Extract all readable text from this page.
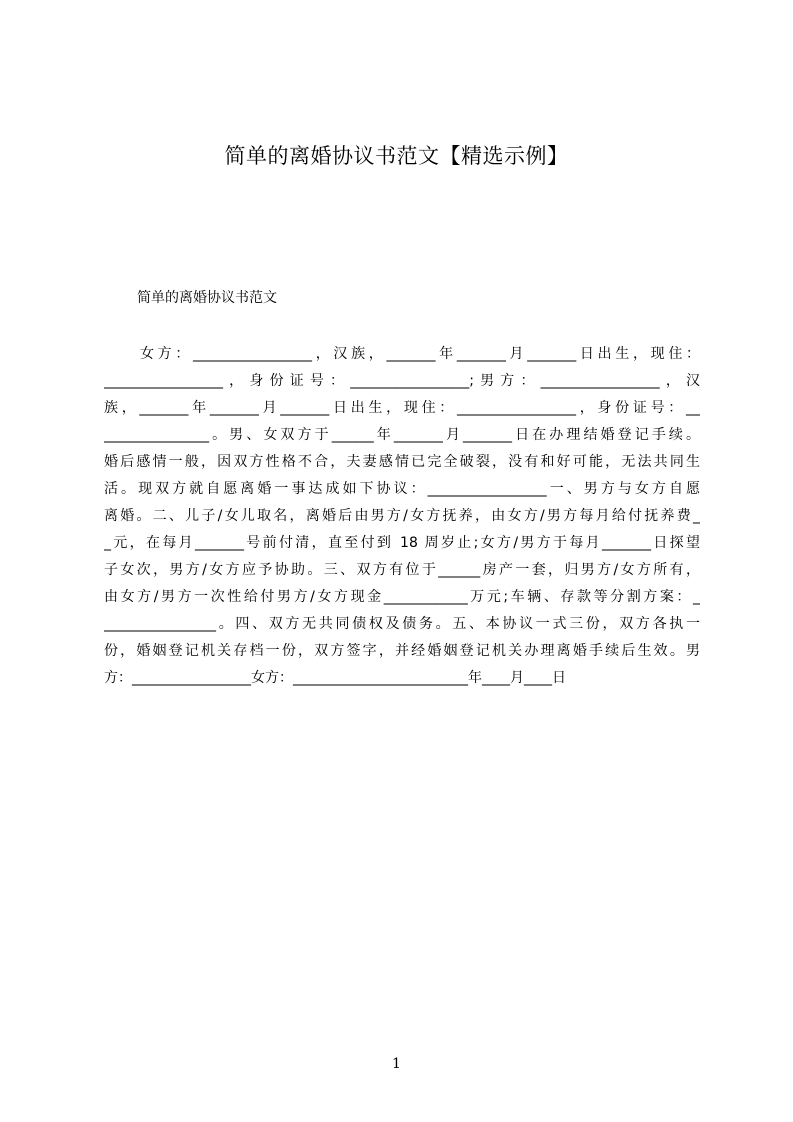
简单的离婚协议书范文【精选示例】
简单的离婚协议书范文
女方：_________________，汉族，_______年_______月_______日出生，现住：
_________________，身份证号：_________________;男方：_________________，汉
族，_______年_______月_______日出生，现住：_________________，身份证号：__
_______________。男、女双方于______年_______月_______日在办理结婚登记手续。
婚后感情一般，因双方性格不合，夫妻感情已完全破裂，没有和好可能，无法共同生
活。现双方就自愿离婚一事达成如下协议：_________________一、男方与女方自愿
离婚。二、儿子/女儿取名，离婚后由男方/女方抚养，由女方/男方每月给付抚养费_
_元，在每月_______号前付清，直至付到 18 周岁止;女方/男方于每月_______日探望
子女次，男方/女方应予协助。三、双方有位于______房产一套，归男方/女方所有，
由女方/男方一次性给付男方/女方现金____________万元;车辆、存款等分割方案：_
________________。四、双方无共同债权及债务。五、本协议一式三份，双方各执一
份，婚姻登记机关存档一份，双方签字，并经婚姻登记机关办理离婚手续后生效。男
方：_________________女方：_________________________年____月____日
1
